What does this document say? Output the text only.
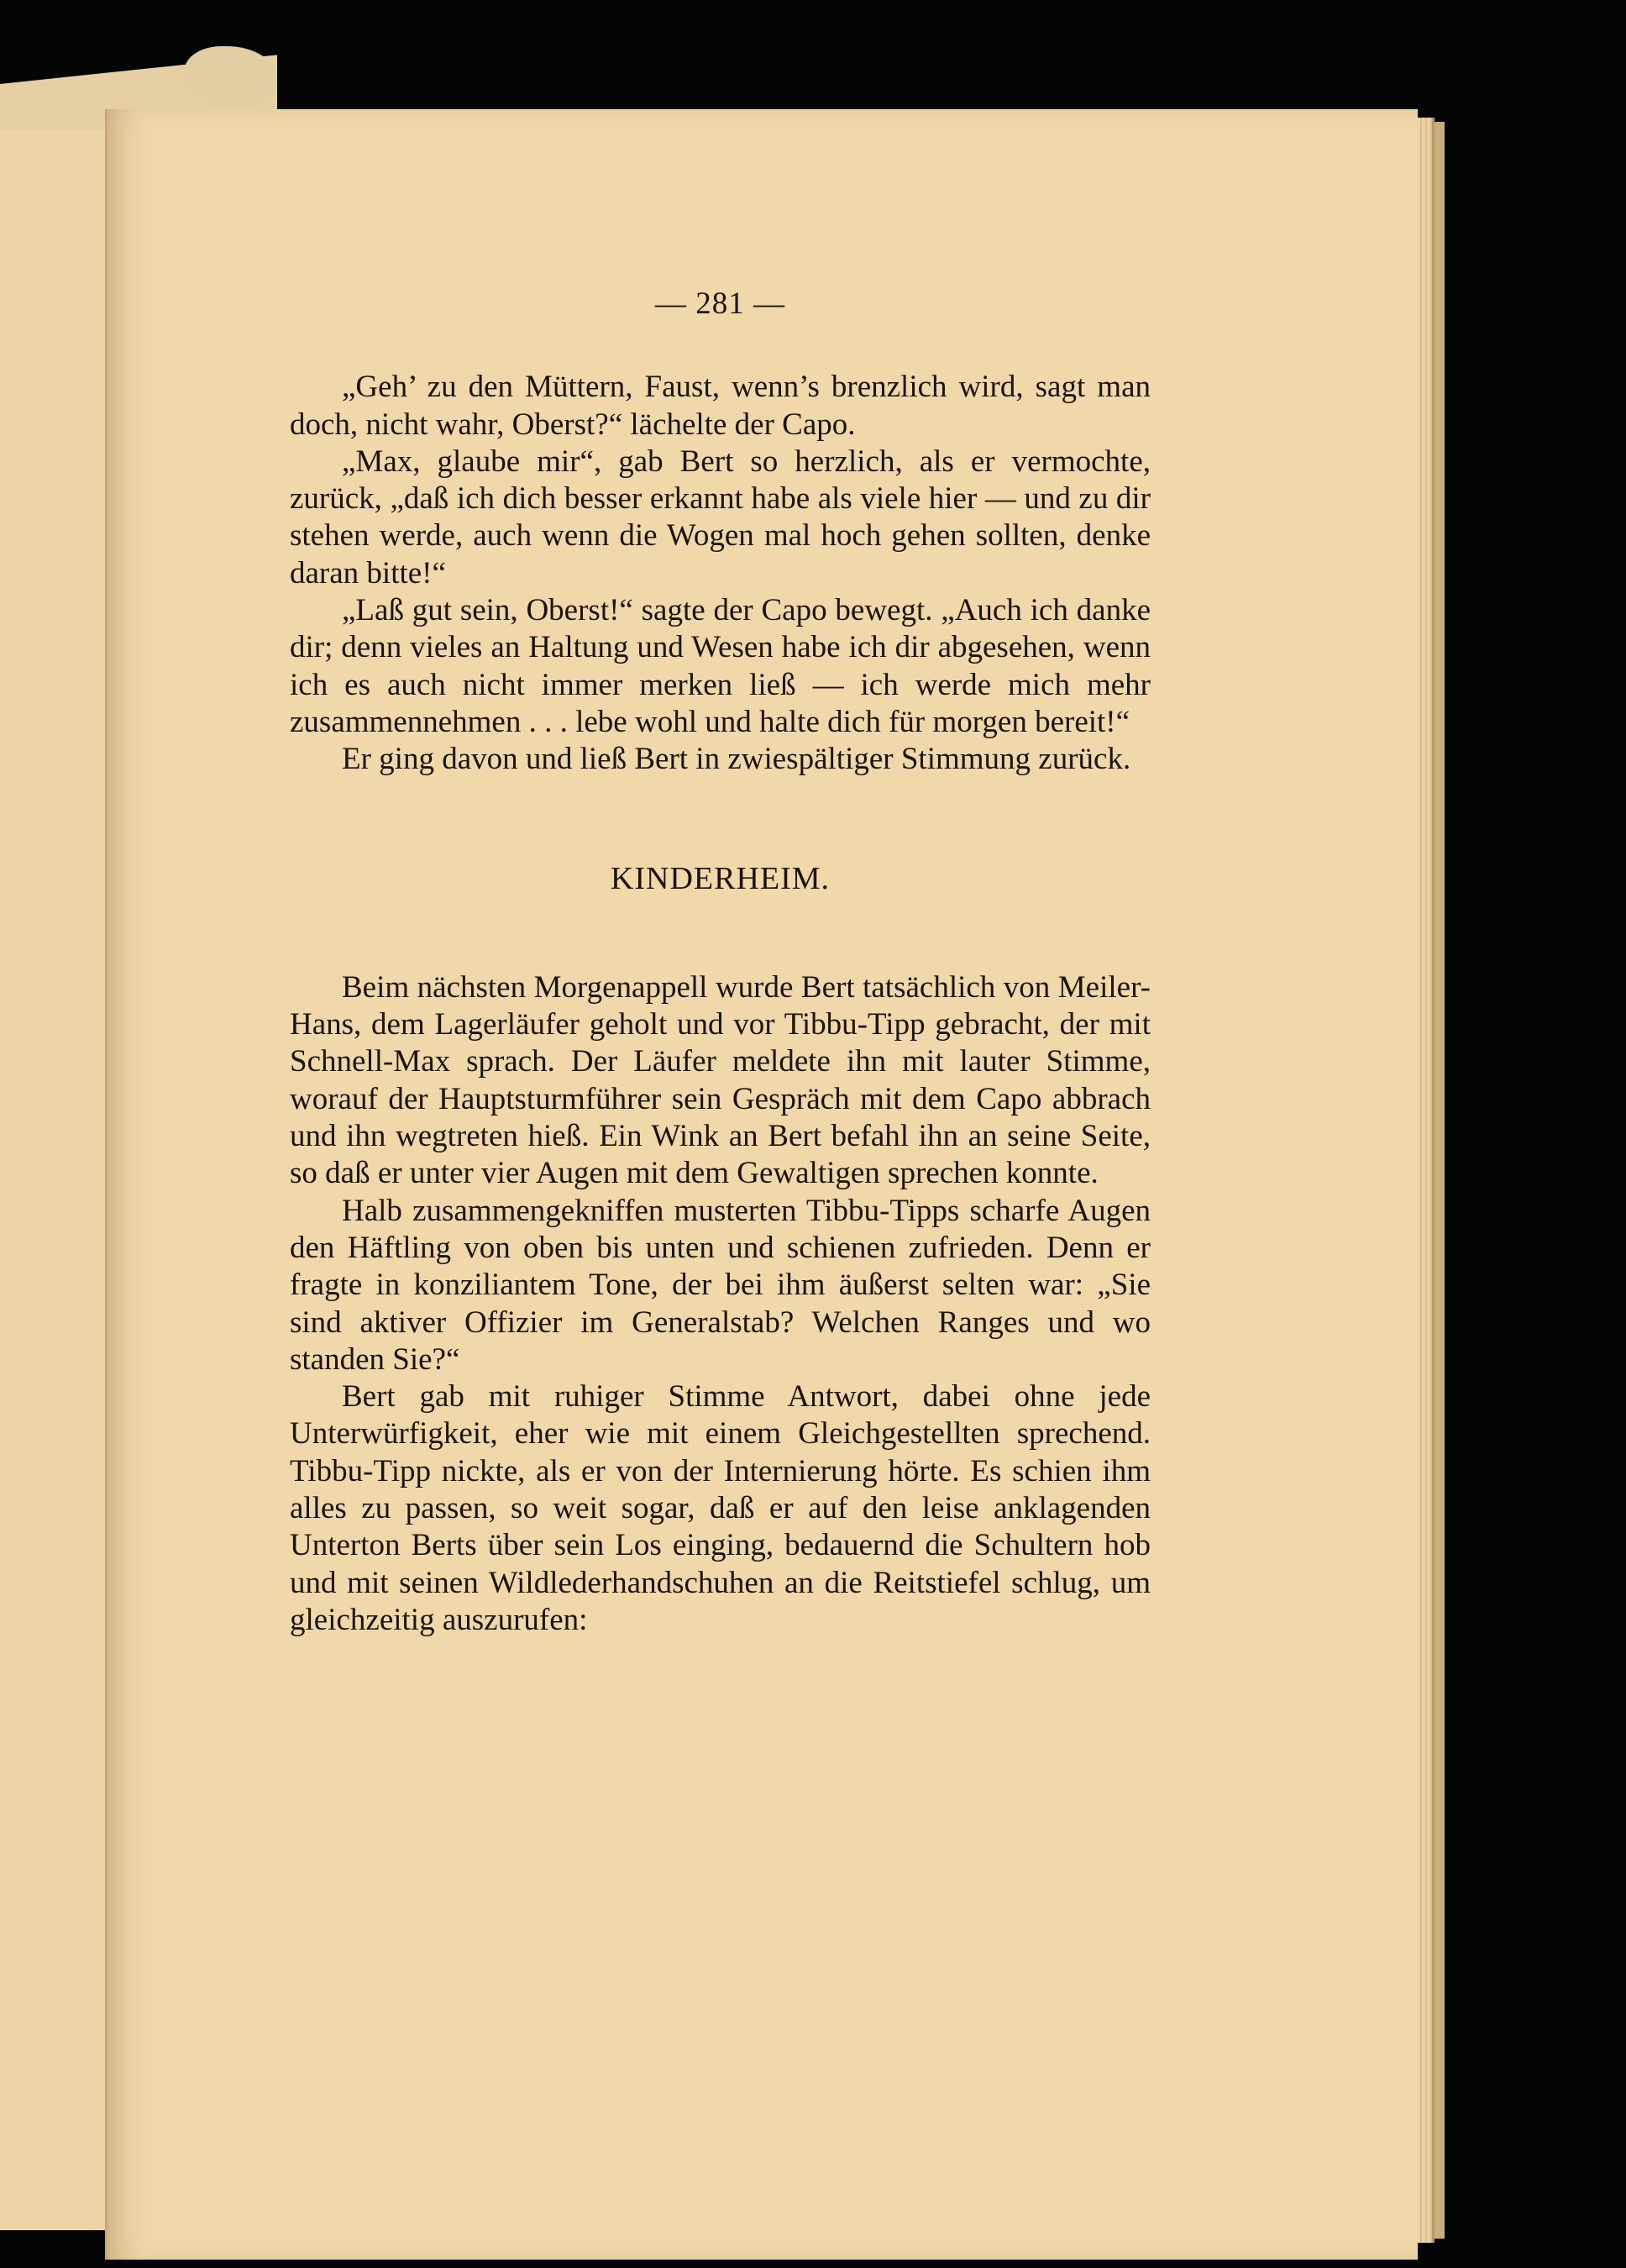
— 281 —

„Geh’ zu den Müttern, Faust, wenn’s brenzlich wird, sagt man doch, nicht wahr, Oberst?“ lächelte der Capo.

„Max, glaube mir“, gab Bert so herzlich, als er vermochte, zurück, „daß ich dich besser erkannt habe als viele hier — und zu dir stehen werde, auch wenn die Wogen mal hoch gehen sollten, denke daran bitte!“

„Laß gut sein, Oberst!“ sagte der Capo bewegt. „Auch ich danke dir; denn vieles an Haltung und Wesen habe ich dir abgesehen, wenn ich es auch nicht immer merken ließ — ich werde mich mehr zusammennehmen . . . lebe wohl und halte dich für morgen bereit!“

Er ging davon und ließ Bert in zwiespältiger Stimmung zurück.

KINDERHEIM.

Beim nächsten Morgenappell wurde Bert tatsächlich von Meiler-Hans, dem Lagerläufer geholt und vor Tibbu-Tipp gebracht, der mit Schnell-Max sprach. Der Läufer meldete ihn mit lauter Stimme, worauf der Hauptsturmführer sein Gespräch mit dem Capo abbrach und ihn wegtreten hieß. Ein Wink an Bert befahl ihn an seine Seite, so daß er unter vier Augen mit dem Gewaltigen sprechen konnte.

Halb zusammengekniffen musterten Tibbu-Tipps scharfe Augen den Häftling von oben bis unten und schienen zufrieden. Denn er fragte in konziliantem Tone, der bei ihm äußerst selten war: „Sie sind aktiver Offizier im Generalstab? Welchen Ranges und wo standen Sie?“

Bert gab mit ruhiger Stimme Antwort, dabei ohne jede Unterwürfigkeit, eher wie mit einem Gleichgestellten sprechend. Tibbu-Tipp nickte, als er von der Internierung hörte. Es schien ihm alles zu passen, so weit sogar, daß er auf den leise anklagenden Unterton Berts über sein Los einging, bedauernd die Schultern hob und mit seinen Wildlederhandschuhen an die Reitstiefel schlug, um gleichzeitig auszurufen:
